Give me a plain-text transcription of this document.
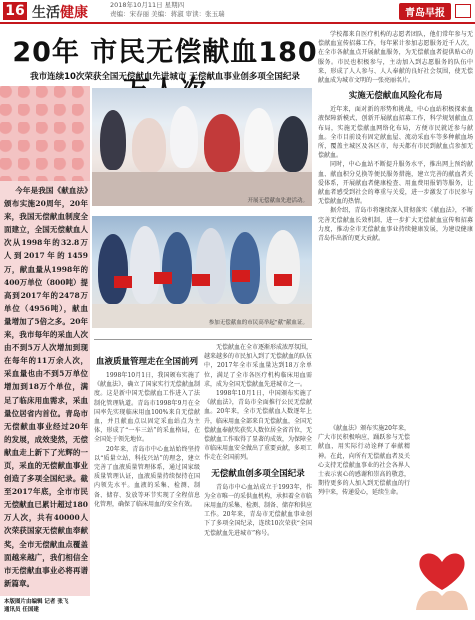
16 生活健康	2018年10月11日 星期四
责编：宋春丽 美编：蒋淑 审读：张玉瑞	青岛早报
20年 市民无偿献血180
我市连续10次荣获全国无偿献血先进城市 无偿献血事业创多项全国纪录
今年是我国《献血法》颁布实施20周年，20年来，我国无偿献血制度全面建立，全国无偿献血人次从1998年的32.8万人到2017年的1459万，献血量从1998年的400万单位（800吨）提高到2017年的2478万单位（4956吨），献血量增加了5倍之多。20年来，我市每年的采血人次由不到5万人次增加到现在每年的11万余人次，采血量也由不到5万单位增加到18万个单位，满足了临床用血需求，采血量位居省内首位。青岛市无偿献血事业经过20年的发展，成效斐然，无偿献血走上新下了光辉的一页，采血的无偿献血事业创造了多项全国纪录。截至2017年底，全市市民无偿献血已累计超过180万人次，共有40000人次荣获国家无偿献血奉献奖，全市无偿献血点覆盖面越来越广，我们相信全市无偿献血事业必将再谱新篇章。
开展无偿献血先进活动。
参加无偿献血的市民高举起“献”献血证。
血液质量管理走在全国前列

1998年10月1日，我国颁布实施了《献血法》，确立了国家实行无偿献血制度。这是新中国无偿献血工作进入了法制化管理轨道。青岛市1998年9月在全国率先实现临床用血100%来自无偿献血，并且献血点以固定采血站点为主体，形成了“一车三站”的采血格局，在全国处于领先地位。

20年来，青岛市中心血站始终坚持以“质量立站、科技兴站”的理念，建立完善了血液质量管理体系，通过国家级质量管理认证，血液质量持续保持在国内领先水平。血液的采集、检测、制备、储存、发放等环节实现了全程信息化管理，确保了临床用血的安全有效。

无偿献血在全市逐渐形成浓厚氛围，越来越多的市民加入到了无偿献血的队伍中，2017年全市采血量达到18万余单位，满足了全市各医疗机构临床用血需求，成为全国无偿献血先进城市之一。

1998年10月1日，中国颁布实施了《献血法》，青岛市全面推行公民无偿献血。20年来，全市无偿献血人数逐年上升，临床用血全部来自无偿献血，全国无偿献血奉献奖获奖人数位居全省首位，无偿献血工作取得了显著的成效，为保障全市临床用血安全做出了重要贡献，多项工作走在全国前列。

无偿献血创多项全国纪录

青岛市中心血站成立于1993年，作为全市唯一的采供血机构，承担着全市临床用血的采集、检测、制备、储存和供应工作。20年来，青岛市无偿献血事业创下了多项全国纪录，连续10次荣获“全国无偿献血先进城市”称号。

学校都来自医疗机构的志愿者团队，他们常年参与无偿献血宣传招募工作，每年累计参加志愿服务近千人次，在全市各献血点开展献血服务，为无偿献血者提供贴心的服务。市民也积极参与，主动加入到志愿服务的队伍中来，形成了人人参与、人人奉献的良好社会氛围，使无偿献血成为城市文明的一张亮丽名片。

实施无偿献血风险化布局

近年来，面对新的形势和挑战，中心血站积极探索血液保障新模式，创新开展献血招募工作，科学规划献血点布局，实施无偿献血网络化布局，方便市民就近参与献血。全市目前设有固定献血屋、流动采血车等多种献血场所，覆盖主城区及各区市，每天都有市民到献血点参加无偿献血。

同时，中心血站不断提升服务水平，推出网上预约献血、献血积分兑换等便民服务措施，建立完善的献血者关爱体系，开展献血者健康检查、用血费用报销等服务，让献血者感受到社会的尊重与关爱，进一步激发了市民参与无偿献血的热情。

据介绍，青岛市将继续深入贯彻落实《献血法》，不断完善无偿献血长效机制，进一步扩大无偿献血宣传和招募力度，推动全市无偿献血事业持续健康发展，为建设健康青岛作出新的更大贡献。

《献血法》颁布实施20年来，广大市民积极响应，踊跃参与无偿献血，用实际行动诠释了奉献精神。在此，向所有无偿献血者及关心支持无偿献血事业的社会各界人士表示衷心的感谢和崇高的敬意，期待更多的人加入到无偿献血的行列中来，传递爱心，延续生命。

本版图片由编辑 记者 张飞
通讯员 任国建
